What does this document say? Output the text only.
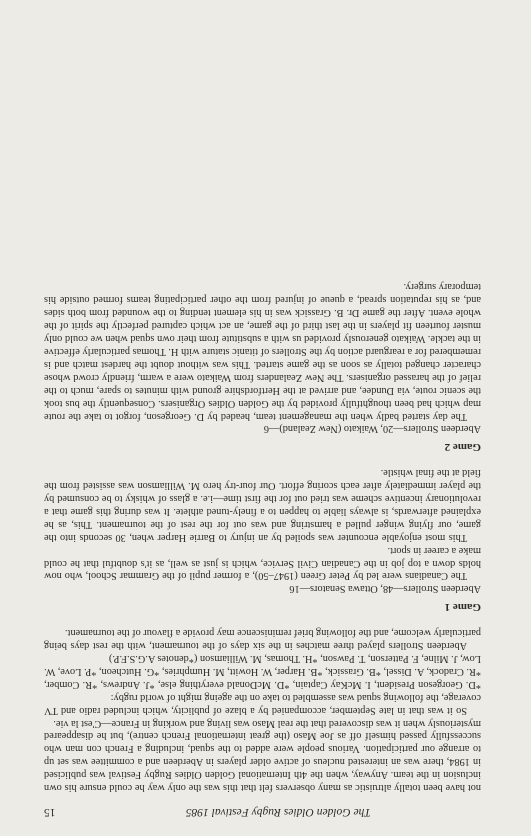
The Golden Oldies Rugby Festival 1985
15

not have been totally altruistic as many observers felt that this was the only way he could ensure his own inclusion in the team. Anyway, when the 4th International Golden Oldies Rugby Festival was publicised in 1984, there was an interested nucleus of active older players in Aberdeen and a committee was set up to arrange our participation. Various people were added to the squad, including a French con man who successfully passed himself off as Joe Maso (the great international French centre), but he disappeared mysteriously when it was discovered that the real Maso was living and working in France—C'est la vie.

So it was that in late September, accompanied by a blaze of publicity, which included radio and TV coverage, the following squad was assembled to take on the ageing might of world rugby:

*D. Georgeson President, I. McKay Captain, *D. McDonald everything else, *J. Andrews, *R. Comber, *R. Cradock, A. Dissel, *B. Grassick, *B. Harper, W. Howitt, M. Humphries, *G. Hutcheon, *P. Love, W. Low, J. Milne, F. Patterson, T. Pawson, *H. Thomas, M. Williamson (*denotes A.G.S.F.P.)

Aberdeen Strollers played three matches in the six days of the tournament, with the rest days being particularly welcome, and the following brief reminiscence may provide a flavour of the tournament.

Game 1

Aberdeen Strollers—48, Ottawa Senators—16

The Canadians were led by Peter Green (1947–50), a former pupil of the Grammar School, who now holds down a top job in the Canadian Civil Service, which is just as well, as it's doubtful that he could make a career in sport.

This most enjoyable encounter was spoiled by an injury to Barrie Harper when, 30 seconds into the game, our flying winger pulled a hamstring and was out for the rest of the tournament. This, as he explained afterwards, is always liable to happen to a finely-tuned athlete. It was during this game that a revolutionary incentive scheme was tried out for the first time—i.e. a glass of whisky to be consumed by the player immediately after each scoring effort. Our four-try hero M. Williamson was assisted from the field at the final whistle.

Game 2

Aberdeen Strollers—20, Waikato (New Zealand)—6

The day started badly when the management team, headed by D. Georgeson, forgot to take the route map which had been thoughtfully provided by the Golden Oldies Organisers. Consequently the bus took the scenic route, via Dundee, and arrived at the Hertfordshire ground with minutes to spare, much to the relief of the harassed organisers. The New Zealanders from Waikato were a warm, friendly crowd whose character changed totally as soon as the game started. This was without doubt the hardest match and is remembered for a rearguard action by the Strollers of titanic stature with H. Thomas particularly effective in the tackle. Waikato generously provided us with a substitute from their own squad when we could only muster fourteen fit players in the last third of the game, an act which captured perfectly the spirit of the whole event. After the game Dr. B. Grassick was in his element tending to the wounded from both sides and, as his reputation spread, a queue of injured from the other participating teams formed outside his temporary surgery.
